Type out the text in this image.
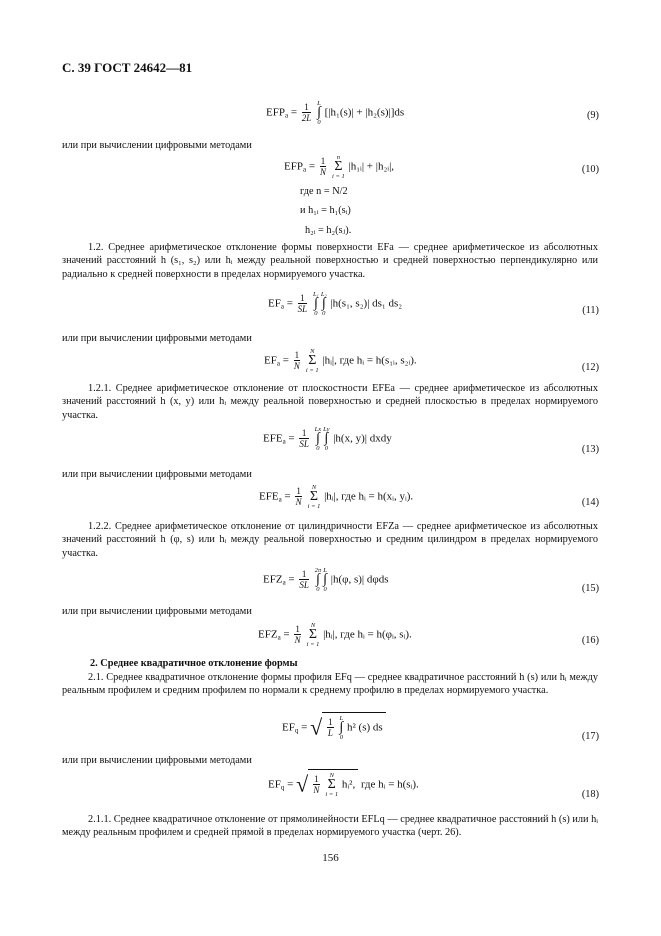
С. 39 ГОСТ 24642—81
$EFP_a = \frac{1}{2L}$
L
∫
0
[|h₁(s)| + |h₂(s)|]ds	(9)
или при вычислении цифровыми методами
$EFP_a = \frac{1}{N}$
	n
Σ
i = 1
|h₁ᵢ| + |h₂ᵢ|,	(10)
где n = N/2
и h₁ᵢ = h₁(sᵢ)
h₂ᵢ = h₂(sⱼ).
1.2. Среднее арифметическое отклонение формы поверхности EFa — среднее арифметическое из абсолютных значений расстояний h (s₁, s₂) или hᵢ между реальной поверхностью и средней поверхностью перпендикулярно или радиально к средней поверхности в пределах нормируемого участка.
$EF_a = \frac{1}{SL}$
L₁
∫
0
L₂
∫
0
|h(s₁, s₂)| ds₁ ds₂
(11)
или при вычислении цифровыми методами
$EF_a = \frac{1}{N}$
	N
Σ
i = 1
|hᵢ|, где hᵢ = h(s₁ᵢ, s₂ᵢ).
(12)
1.2.1. Среднее арифметическое отклонение от плоскостности EFEa — среднее арифметическое из абсолютных значений расстояний h (x, y) или hᵢ между реальной поверхностью и средней плоскостью в пределах нормируемого участка.
$EFE_a = \frac{1}{SL}$
Lx
∫
0
Ly
∫
0
|h(x, y)| dxdy
(13)
или при вычислении цифровыми методами
$EFE_a = \frac{1}{N}$
	N
Σ
i = 1
|hᵢ|, где hᵢ = h(xᵢ, yᵢ).	(14)
1.2.2. Среднее арифметическое отклонение от цилиндричности EFZa — среднее арифметическое из абсолютных значений расстояний h (φ, s) или hᵢ между реальной поверхностью и средним цилиндром в пределах нормируемого участка.
$EFZ_a = \frac{1}{SL}$
2π
∫
0
L
∫
0
|h(φ, s)| dφds
(15)
или при вычислении цифровыми методами
$EFZ_a = \frac{1}{N}$
	N
Σ
i = 1
|hᵢ|, где hᵢ = h(φᵢ, sᵢ).	(16)
2. Среднее квадратичное отклонение формы
2.1. Среднее квадратичное отклонение формы профиля EFq — среднее квадратичное расстояний h (s) или hᵢ между реальным профилем и средним профилем по нормали к среднему профилю в пределах нормируемого участка.
$EF_q$ = √ $\frac{1}{L}$
L
∫
0
h² (s) ds
(17)
или при вычислении цифровыми методами
$EF_q$ = √ $\frac{1}{N}$
	N
Σ
i = 1
hᵢ², где hᵢ = h(sᵢ).
(18)
2.1.1. Среднее квадратичное отклонение от прямолинейности EFLq — среднее квадратичное расстояний h (s) или hᵢ между реальным профилем и средней прямой в пределах нормируемого участка (черт. 26).
156
